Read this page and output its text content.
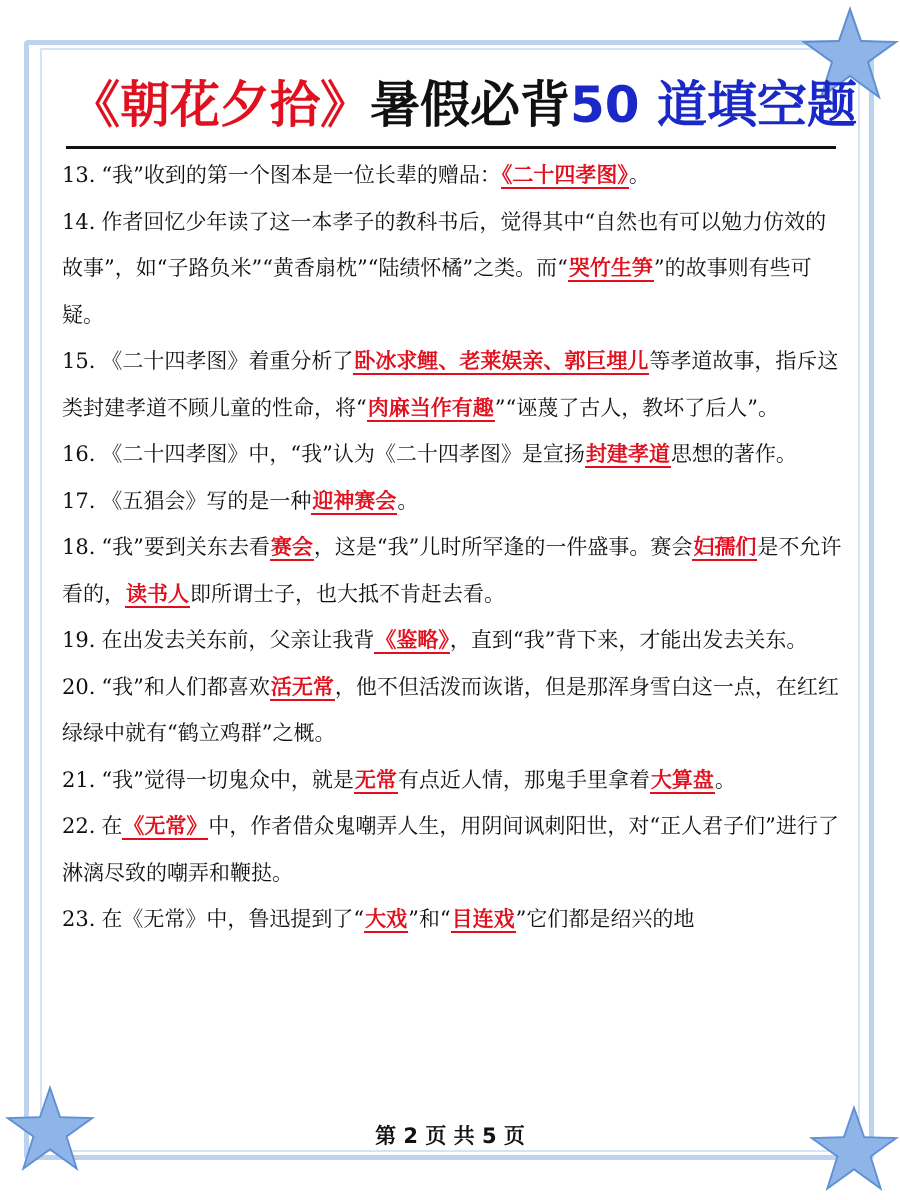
《朝花夕拾》暑假必背50 道填空题

13. “我”收到的第一个图本是一位长辈的赠品：《二十四孝图》。

14. 作者回忆少年读了这一本孝子的教科书后，觉得其中“自然也有可以勉力仿效的故事”，如“子路负米”“黄香扇枕”“陆绩怀橘”之类。而“哭竹生笋”的故事则有些可疑。

15. 《二十四孝图》着重分析了卧冰求鲤、老莱娱亲、郭巨埋儿等孝道故事，指斥这类封建孝道不顾儿童的性命，将“肉麻当作有趣”“诬蔑了古人，教坏了后人”。

16. 《二十四孝图》中，“我”认为《二十四孝图》是宣扬封建孝道思想的著作。

17. 《五猖会》写的是一种迎神赛会。

18. “我”要到关东去看赛会，这是“我”儿时所罕逢的一件盛事。赛会妇孺们是不允许看的，读书人即所谓士子，也大抵不肯赶去看。

19. 在出发去关东前，父亲让我背《鉴略》，直到“我”背下来，才能出发去关东。

20. “我”和人们都喜欢活无常，他不但活泼而诙谐，但是那浑身雪白这一点，在红红绿绿中就有“鹤立鸡群”之概。

21. “我”觉得一切鬼众中，就是无常有点近人情，那鬼手里拿着大算盘。

22. 在《无常》中，作者借众鬼嘲弄人生，用阴间讽刺阳世，对“正人君子们”进行了淋漓尽致的嘲弄和鞭挞。

23. 在《无常》中，鲁迅提到了“大戏”和“目连戏”它们都是绍兴的地

第 2 页 共 5 页
